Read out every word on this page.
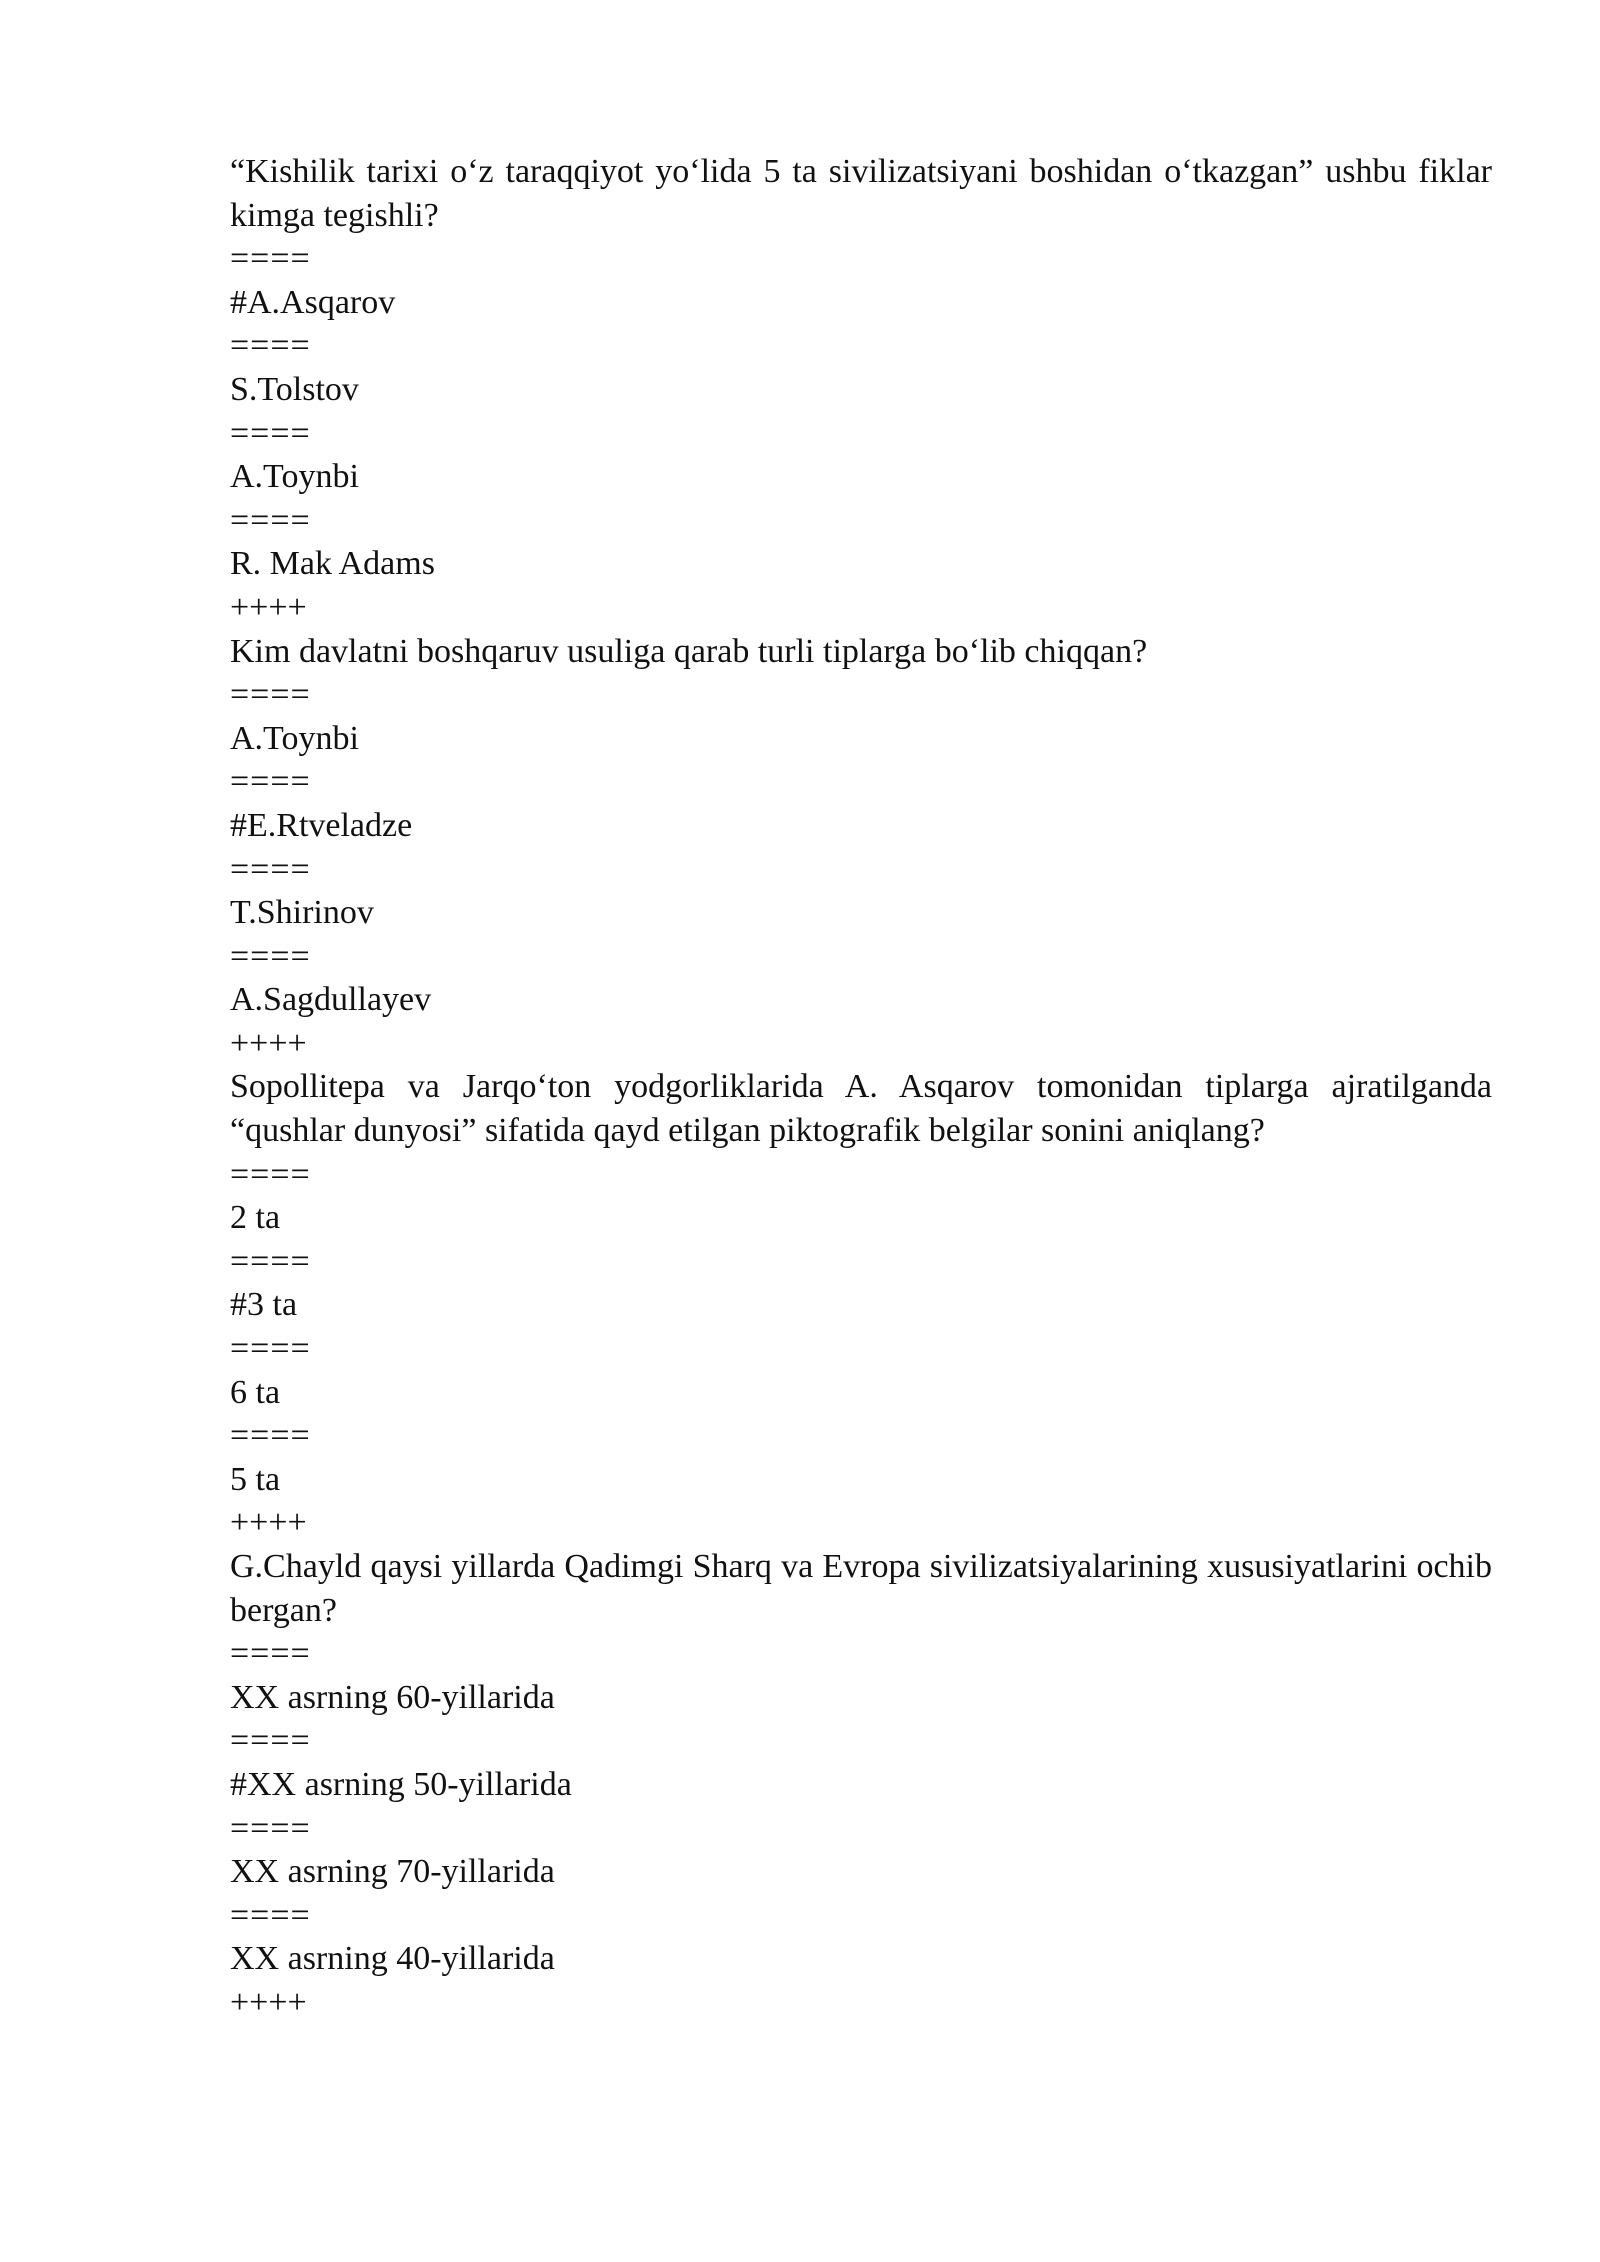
“Kishilik tarixi o‘z taraqqiyot yo‘lida 5 ta sivilizatsiyani boshidan o‘tkazgan” ushbu fiklar kimga tegishli?
====
#A.Asqarov
====
S.Tolstov
====
A.Toynbi
====
R. Mak Adams
++++
Kim davlatni boshqaruv usuliga qarab turli tiplarga bo‘lib chiqqan?
====
A.Toynbi
====
#E.Rtveladze
====
T.Shirinov
====
A.Sagdullayev
++++
Sopollitepa va Jarqo‘ton yodgorliklarida A. Asqarov tomonidan tiplarga ajratilganda “qushlar dunyosi” sifatida qayd etilgan piktografik belgilar sonini aniqlang?
====
2 ta
====
#3 ta
====
6 ta
====
5 ta
++++
G.Chayld qaysi yillarda Qadimgi Sharq va Evropa sivilizatsiyalarining xususiyatlarini ochib bergan?
====
XX asrning 60-yillarida
====
#XX asrning 50-yillarida
====
XX asrning 70-yillarida
====
XX asrning 40-yillarida
++++
